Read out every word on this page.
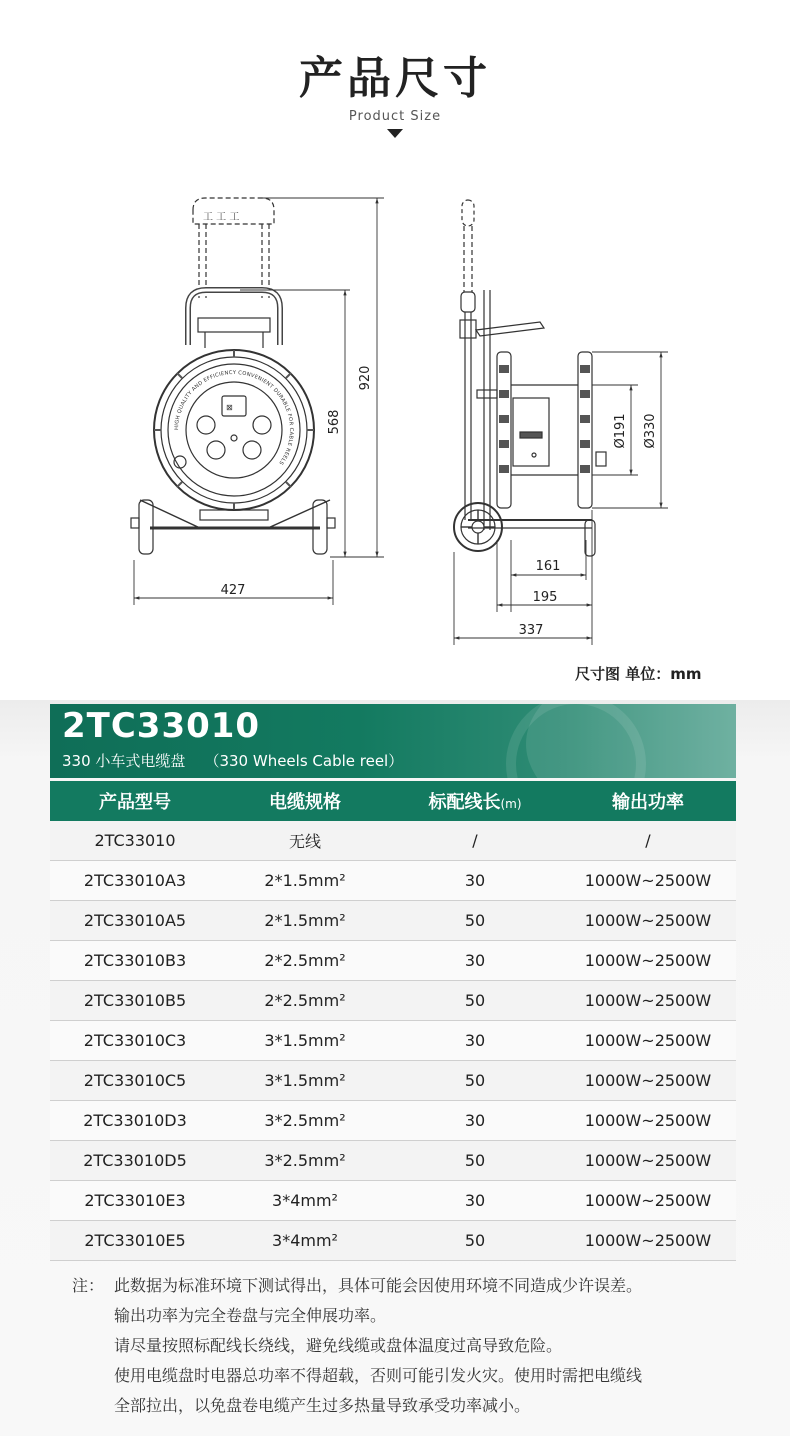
产品尺寸
Product Size
工 工 工
HIGH QUALITY AND EFFICIENCY CONVENIENT DURABLE FOR CABLE REELS
⊠
920
568
427
Ø191 Ø330
161
195
337
尺寸图 单位：mm
2TC33010
330 小车式电缆盘    （330 Wheels Cable reel）
产品型号	电缆规格	标配线长(m)	输出功率
2TC33010	无线	/	/
2TC33010A3	2*1.5mm²	30	1000W~2500W
2TC33010A5	2*1.5mm²	50	1000W~2500W
2TC33010B3	2*2.5mm²	30	1000W~2500W
2TC33010B5	2*2.5mm²	50	1000W~2500W
2TC33010C3	3*1.5mm²	30	1000W~2500W
2TC33010C5	3*1.5mm²	50	1000W~2500W
2TC33010D3	3*2.5mm²	30	1000W~2500W
2TC33010D5	3*2.5mm²	50	1000W~2500W
2TC33010E3	3*4mm²	30	1000W~2500W
2TC33010E5	3*4mm²	50	1000W~2500W
注： 此数据为标准环境下测试得出，具体可能会因使用环境不同造成少许误差。
输出功率为完全卷盘与完全伸展功率。
请尽量按照标配线长绕线，避免线缆或盘体温度过高导致危险。
使用电缆盘时电器总功率不得超载，否则可能引发火灾。使用时需把电缆线
全部拉出，以免盘卷电缆产生过多热量导致承受功率减小。
